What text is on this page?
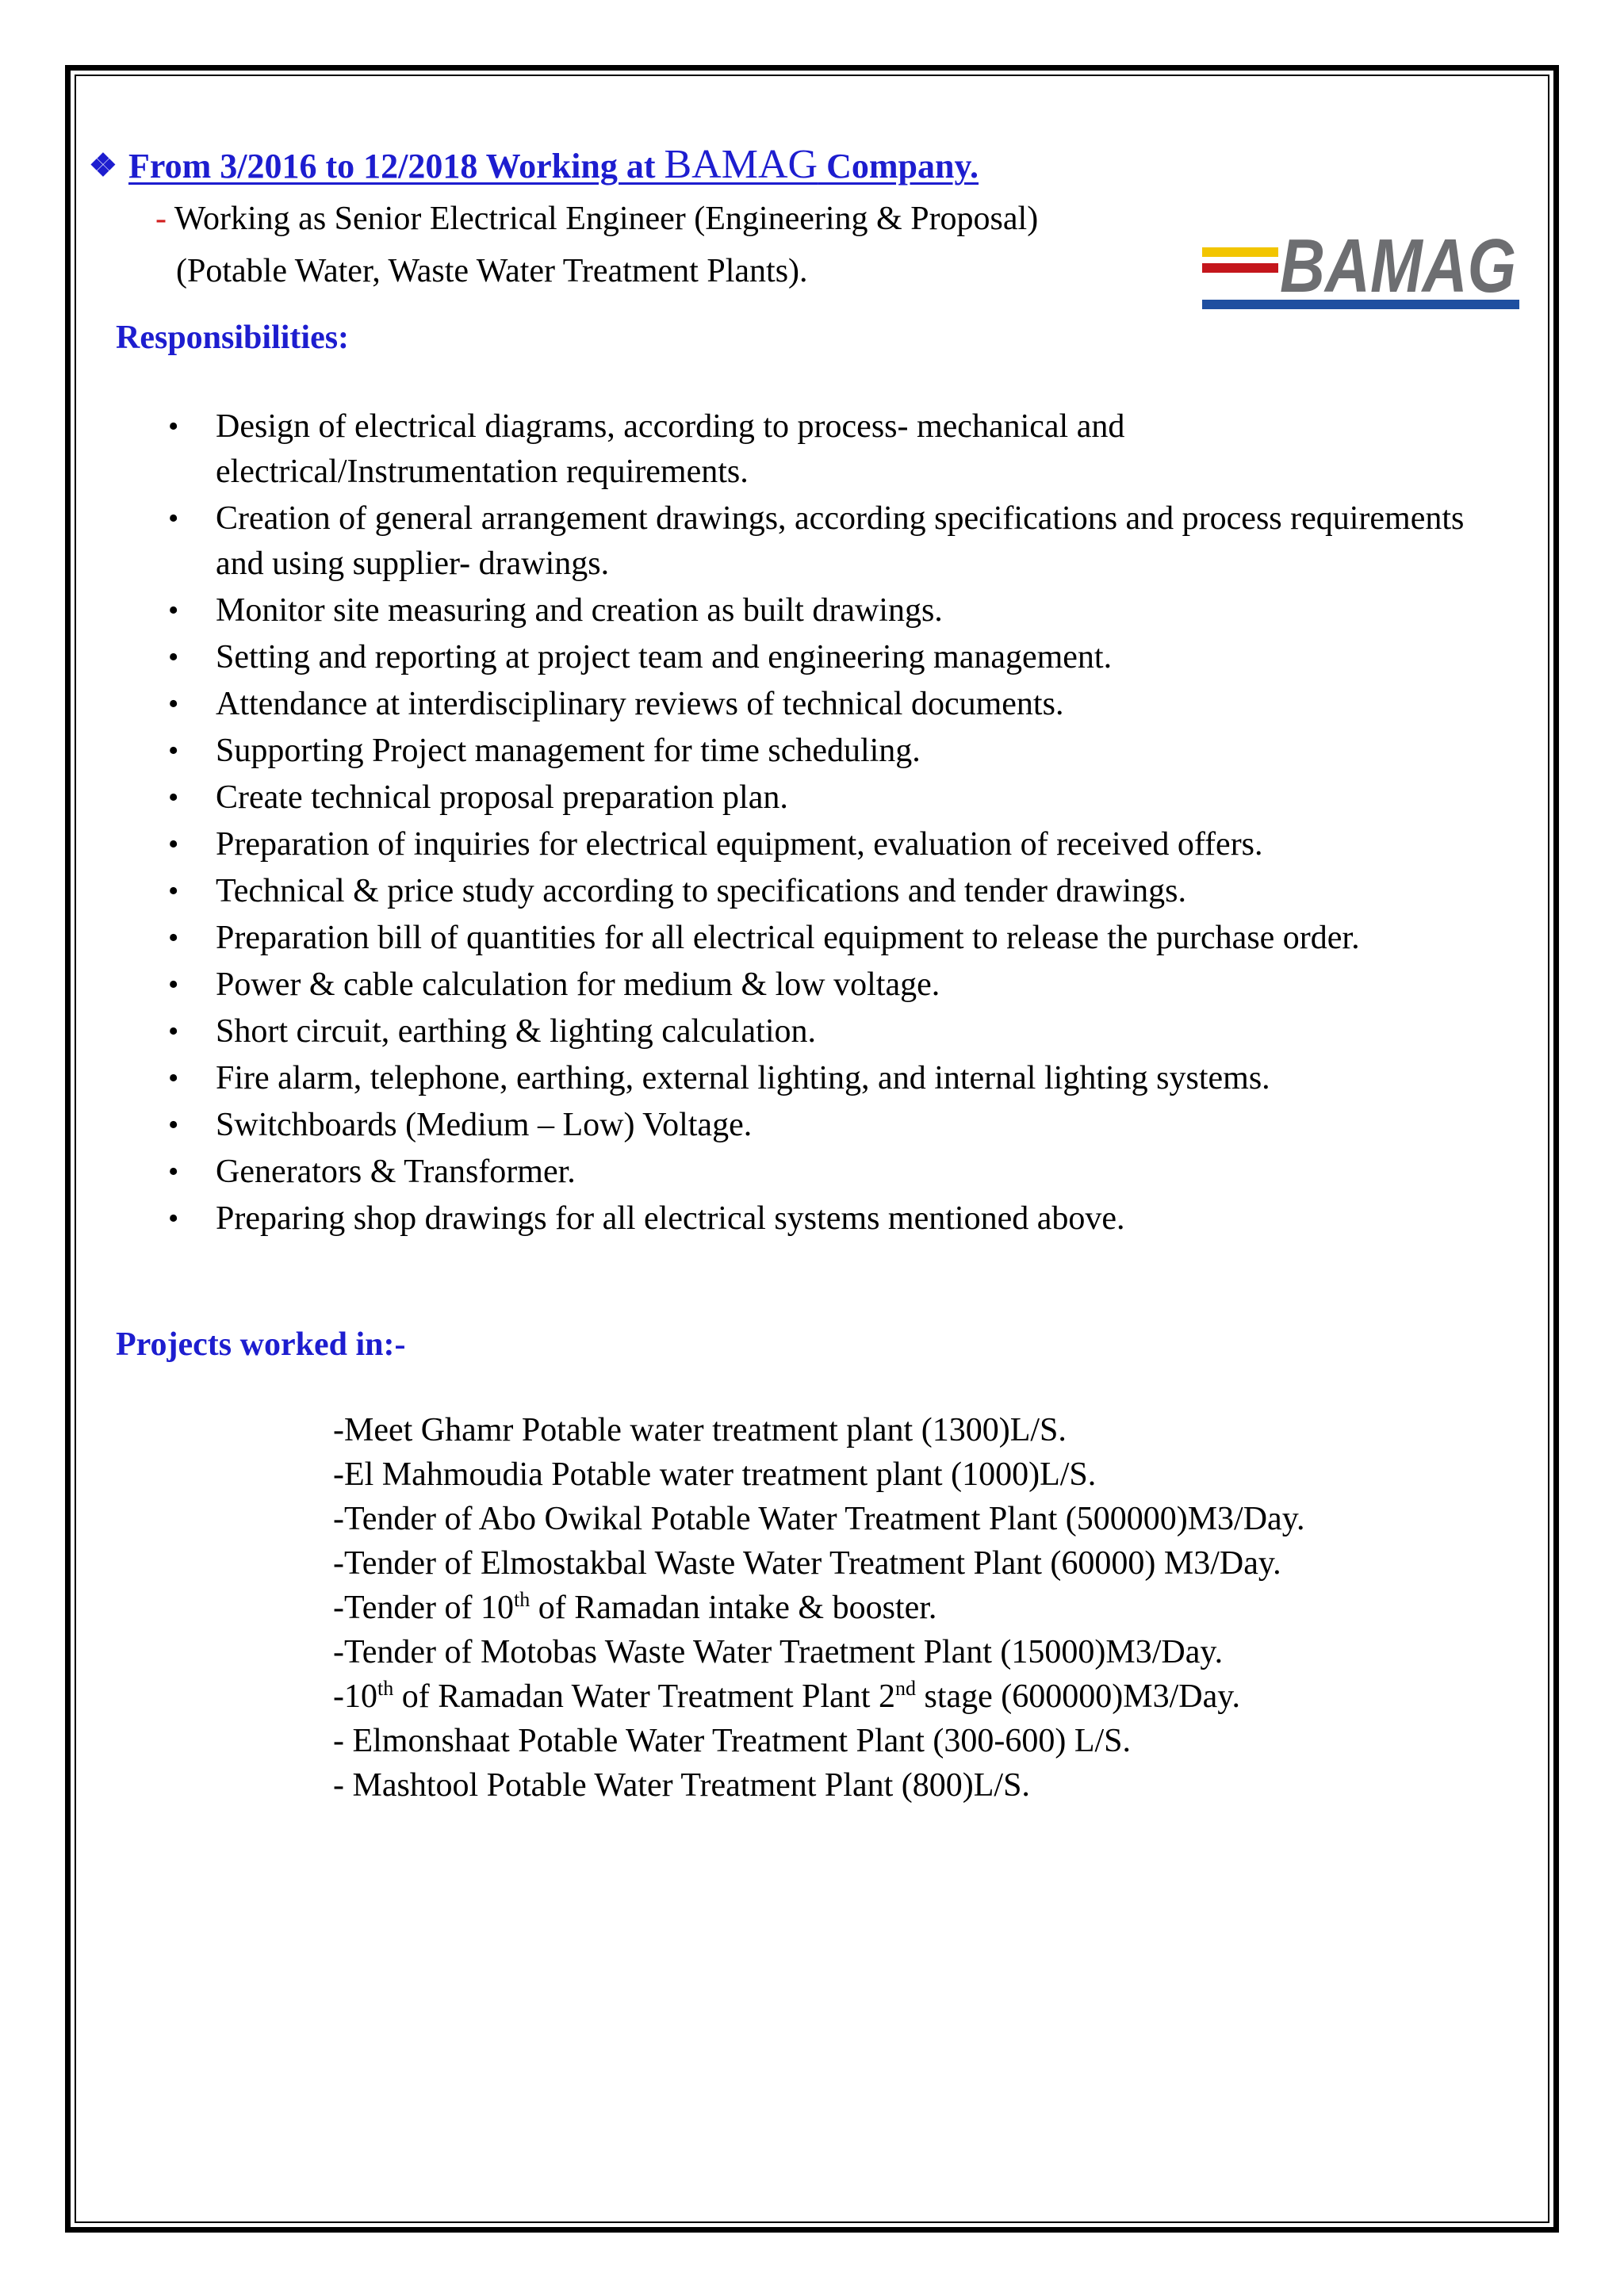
❖ From 3/2016 to 12/2018 Working at BAMAG Company.
- Working as Senior Electrical Engineer (Engineering & Proposal)
(Potable Water, Waste Water Treatment Plants).	BAMAG
Responsibilities:
• Design of electrical diagrams, according to process- mechanical and electrical/Instrumentation requirements.
• Creation of general arrangement drawings, according specifications and process requirements and using supplier- drawings.
• Monitor site measuring and creation as built drawings.
• Setting and reporting at project team and engineering management.
• Attendance at interdisciplinary reviews of technical documents.
• Supporting Project management for time scheduling.
• Create technical proposal preparation plan.
• Preparation of inquiries for electrical equipment, evaluation of received offers.
• Technical & price study according to specifications and tender drawings.
• Preparation bill of quantities for all electrical equipment to release the purchase order.
• Power & cable calculation for medium & low voltage.
• Short circuit, earthing & lighting calculation.
• Fire alarm, telephone, earthing, external lighting, and internal lighting systems.
• Switchboards (Medium – Low) Voltage.
• Generators & Transformer.
• Preparing shop drawings for all electrical systems mentioned above.
Projects worked in:-
-Meet Ghamr Potable water treatment plant (1300)L/S.
-El Mahmoudia Potable water treatment plant (1000)L/S.
-Tender of Abo Owikal Potable Water Treatment Plant (500000)M3/Day.
-Tender of Elmostakbal Waste Water Treatment Plant (60000) M3/Day.
-Tender of 10th of Ramadan intake & booster.
-Tender of Motobas Waste Water Traetment Plant (15000)M3/Day.
-10th of Ramadan Water Treatment Plant 2nd stage (600000)M3/Day.
- Elmonshaat Potable Water Treatment Plant (300-600) L/S.
- Mashtool Potable Water Treatment Plant (800)L/S.
